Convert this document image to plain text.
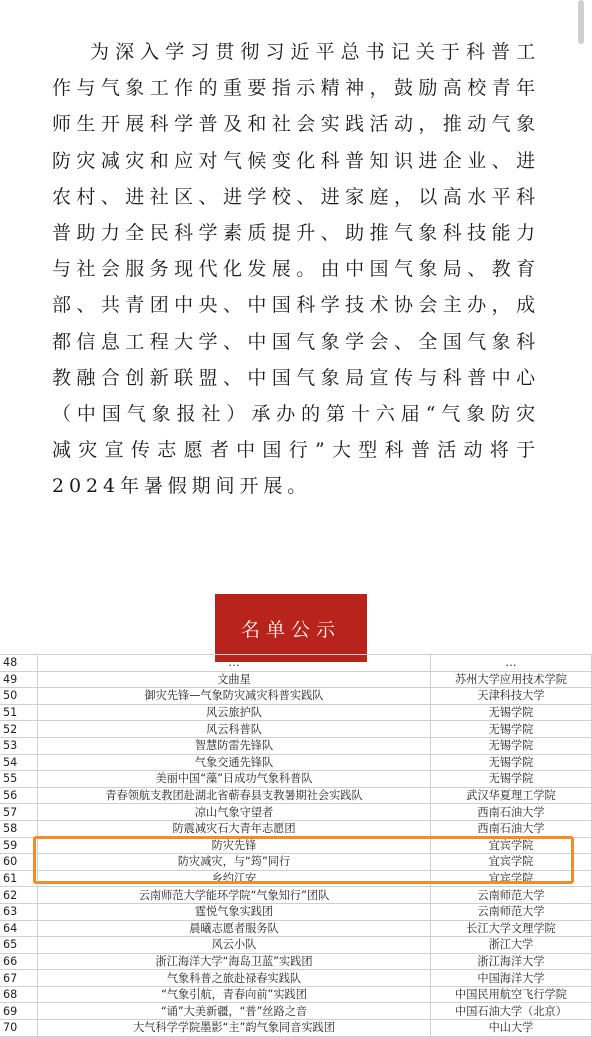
为深入学习贯彻习近平总书记关于科普工作与气象工作的重要指示精神，鼓励高校青年师生开展科学普及和社会实践活动，推动气象防灾减灾和应对气候变化科普知识进企业、进农村、进社区、进学校、进家庭，以高水平科普助力全民科学素质提升、助推气象科技能力与社会服务现代化发展。由中国气象局、教育部、共青团中央、中国科学技术协会主办，成都信息工程大学、中国气象学会、全国气象科教融合创新联盟、中国气象局宣传与科普中心（中国气象报社）承办的第十六届“气象防灾减灾宣传志愿者中国行”大型科普活动将于2024年暑假期间开展。

名单公示
48	…	…
49	文曲星	苏州大学应用技术学院
50	御灾先锋—气象防灾减灾科普实践队	天津科技大学
51	风云旅护队	无锡学院
52	风云科普队	无锡学院
53	智慧防雷先锋队	无锡学院
54	气象交通先锋队	无锡学院
55	美丽中国“藻”日成功气象科普队	无锡学院
56	青春领航支教团赴湖北省蕲春县支教暑期社会实践队	武汉华夏理工学院
57	凉山气象守望者	西南石油大学
58	防震减灾石大青年志愿团	西南石油大学
59	防灾先锋	宜宾学院
60	防灾减灾，与“筠”同行	宜宾学院
61	乡约江安	宜宾学院
62	云南师范大学能环学院“气象知行”团队	云南师范大学
63	霆悦气象实践团	云南师范大学
64	晨曦志愿者服务队	长江大学文理学院
65	风云小队	浙江大学
66	浙江海洋大学“海岛卫蓝”实践团	浙江海洋大学
67	气象科普之旅赴禄春实践队	中国海洋大学
68	“气象引航，青春向前”实践团	中国民用航空飞行学院
69	“诵”大美新疆，“普”丝路之音	中国石油大学（北京）
70	大气科学学院墨影“主”韵气象同音实践团	中山大学
